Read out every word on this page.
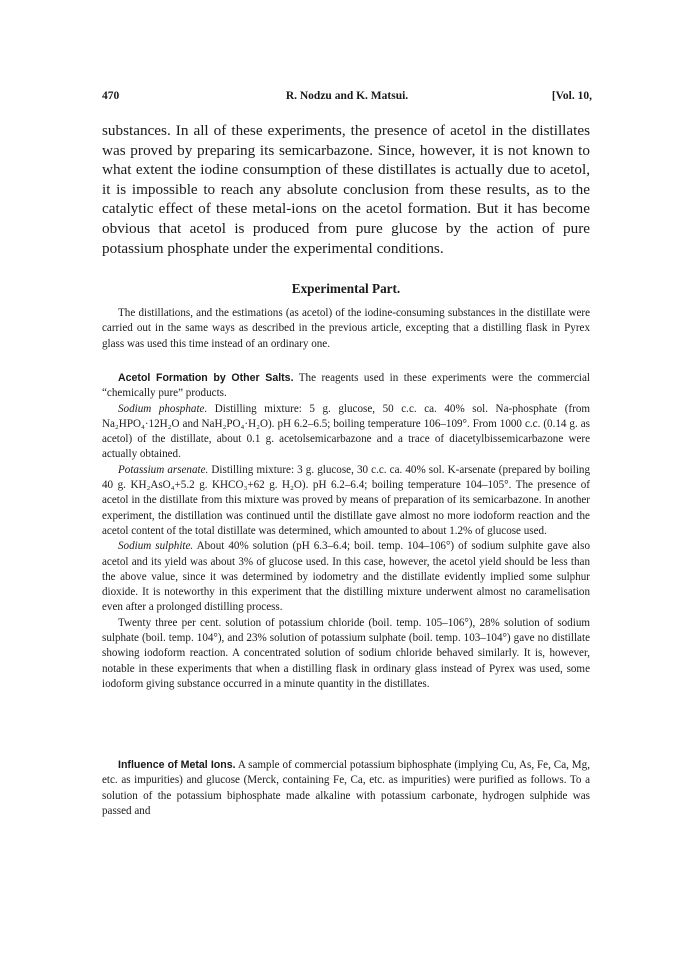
470	R. Nodzu and K. Matsui.	[Vol. 10,

substances. In all of these experiments, the presence of acetol in the distillates was proved by preparing its semicarbazone. Since, however, it is not known to what extent the iodine consumption of these distillates is actually due to acetol, it is impossible to reach any absolute conclusion from these results, as to the catalytic effect of these metal-ions on the acetol formation. But it has become obvious that acetol is produced from pure glucose by the action of pure potassium phosphate under the experimental conditions.

Experimental Part.

The distillations, and the estimations (as acetol) of the iodine-consuming substances in the distillate were carried out in the same ways as described in the previous article, excepting that a distilling flask in Pyrex glass was used this time instead of an ordinary one.

Acetol Formation by Other Salts. The reagents used in these experiments were the commercial “chemically pure” products.

Sodium phosphate. Distilling mixture: 5 g. glucose, 50 c.c. ca. 40% sol. Na-phosphate (from Na₂HPO₄·12H₂O and NaH₂PO₄·H₂O). pH 6.2–6.5; boiling temperature 106–109°. From 1000 c.c. (0.14 g. as acetol) of the distillate, about 0.1 g. acetolsemicarbazone and a trace of diacetylbissemicarbazone were actually obtained.

Potassium arsenate. Distilling mixture: 3 g. glucose, 30 c.c. ca. 40% sol. K-arsenate (prepared by boiling 40 g. KH₂AsO₄+5.2 g. KHCO₃+62 g. H₂O). pH 6.2–6.4; boiling temperature 104–105°. The presence of acetol in the distillate from this mixture was proved by means of preparation of its semicarbazone. In another experiment, the distillation was continued until the distillate gave almost no more iodoform reaction and the acetol content of the total distillate was determined, which amounted to about 1.2% of glucose used.

Sodium sulphite. About 40% solution (pH 6.3–6.4; boil. temp. 104–106°) of sodium sulphite gave also acetol and its yield was about 3% of glucose used. In this case, however, the acetol yield should be less than the above value, since it was determined by iodometry and the distillate evidently implied some sulphur dioxide. It is noteworthy in this experiment that the distilling mixture underwent almost no caramelisation even after a prolonged distilling process.

Twenty three per cent. solution of potassium chloride (boil. temp. 105–106°), 28% solution of sodium sulphate (boil. temp. 104°), and 23% solution of potassium sulphate (boil. temp. 103–104°) gave no distillate showing iodoform reaction. A concentrated solution of sodium chloride behaved similarly. It is, however, notable in these experiments that when a distilling flask in ordinary glass instead of Pyrex was used, some iodoform giving substance occurred in a minute quantity in the distillates.

Influence of Metal Ions. A sample of commercial potassium biphosphate (implying Cu, As, Fe, Ca, Mg, etc. as impurities) and glucose (Merck, containing Fe, Ca, etc. as impurities) were purified as follows. To a solution of the potassium biphosphate made alkaline with potassium carbonate, hydrogen sulphide was passed and
